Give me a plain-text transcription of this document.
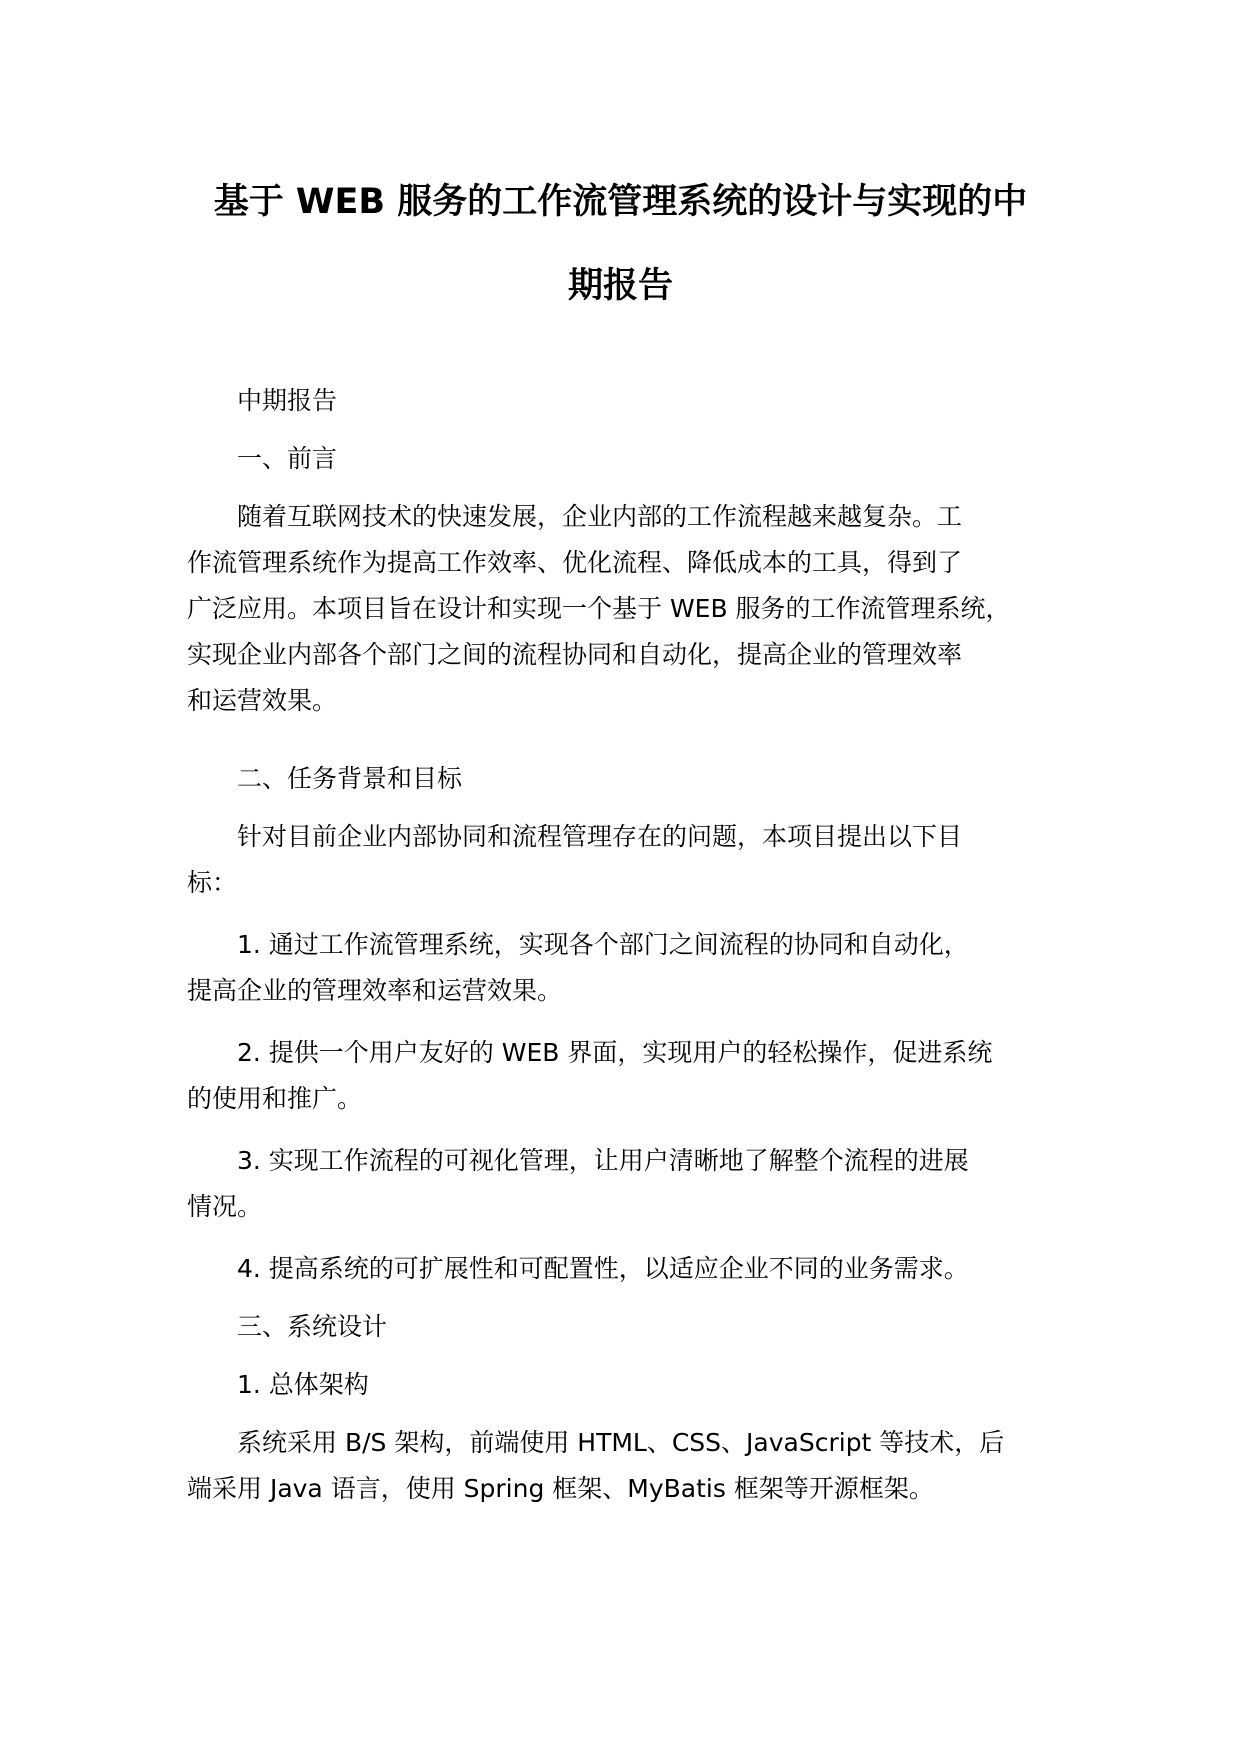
基于 WEB 服务的工作流管理系统的设计与实现的中
期报告
　　中期报告
　　一、前言
　　随着互联网技术的快速发展，企业内部的工作流程越来越复杂。工
作流管理系统作为提高工作效率、优化流程、降低成本的工具，得到了
广泛应用。本项目旨在设计和实现一个基于 WEB 服务的工作流管理系统，
实现企业内部各个部门之间的流程协同和自动化，提高企业的管理效率
和运营效果。
　　二、任务背景和目标
　　针对目前企业内部协同和流程管理存在的问题，本项目提出以下目
标：
　　1. 通过工作流管理系统，实现各个部门之间流程的协同和自动化，
提高企业的管理效率和运营效果。
　　2. 提供一个用户友好的 WEB 界面，实现用户的轻松操作，促进系统
的使用和推广。
　　3. 实现工作流程的可视化管理，让用户清晰地了解整个流程的进展
情况。
　　4. 提高系统的可扩展性和可配置性，以适应企业不同的业务需求。
　　三、系统设计
　　1. 总体架构
　　系统采用 B/S 架构，前端使用 HTML、CSS、JavaScript 等技术，后
端采用 Java 语言，使用 Spring 框架、MyBatis 框架等开源框架。
